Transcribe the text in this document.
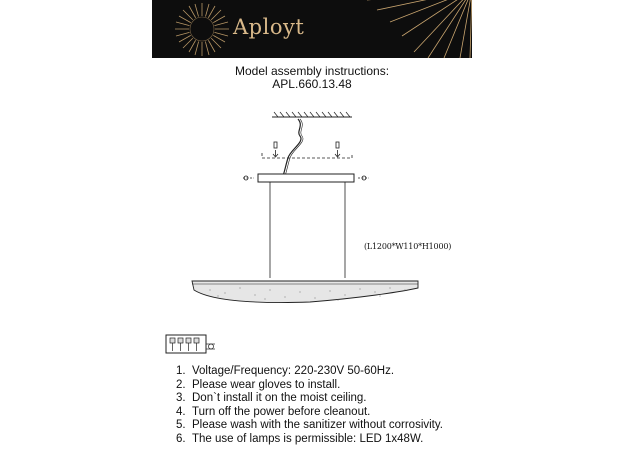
Aployt
Model assembly instructions:
APL.660.13.48
(L1200*W110*H1000)
1. Voltage/Frequency: 220-230V 50-60Hz.
2. Please wear gloves to install.
3. Don`t install it on the moist ceiling.
4. Turn off the power before cleanout.
5. Please wash with the sanitizer without corrosivity.
6. The use of lamps is permissible: LED 1x48W.
